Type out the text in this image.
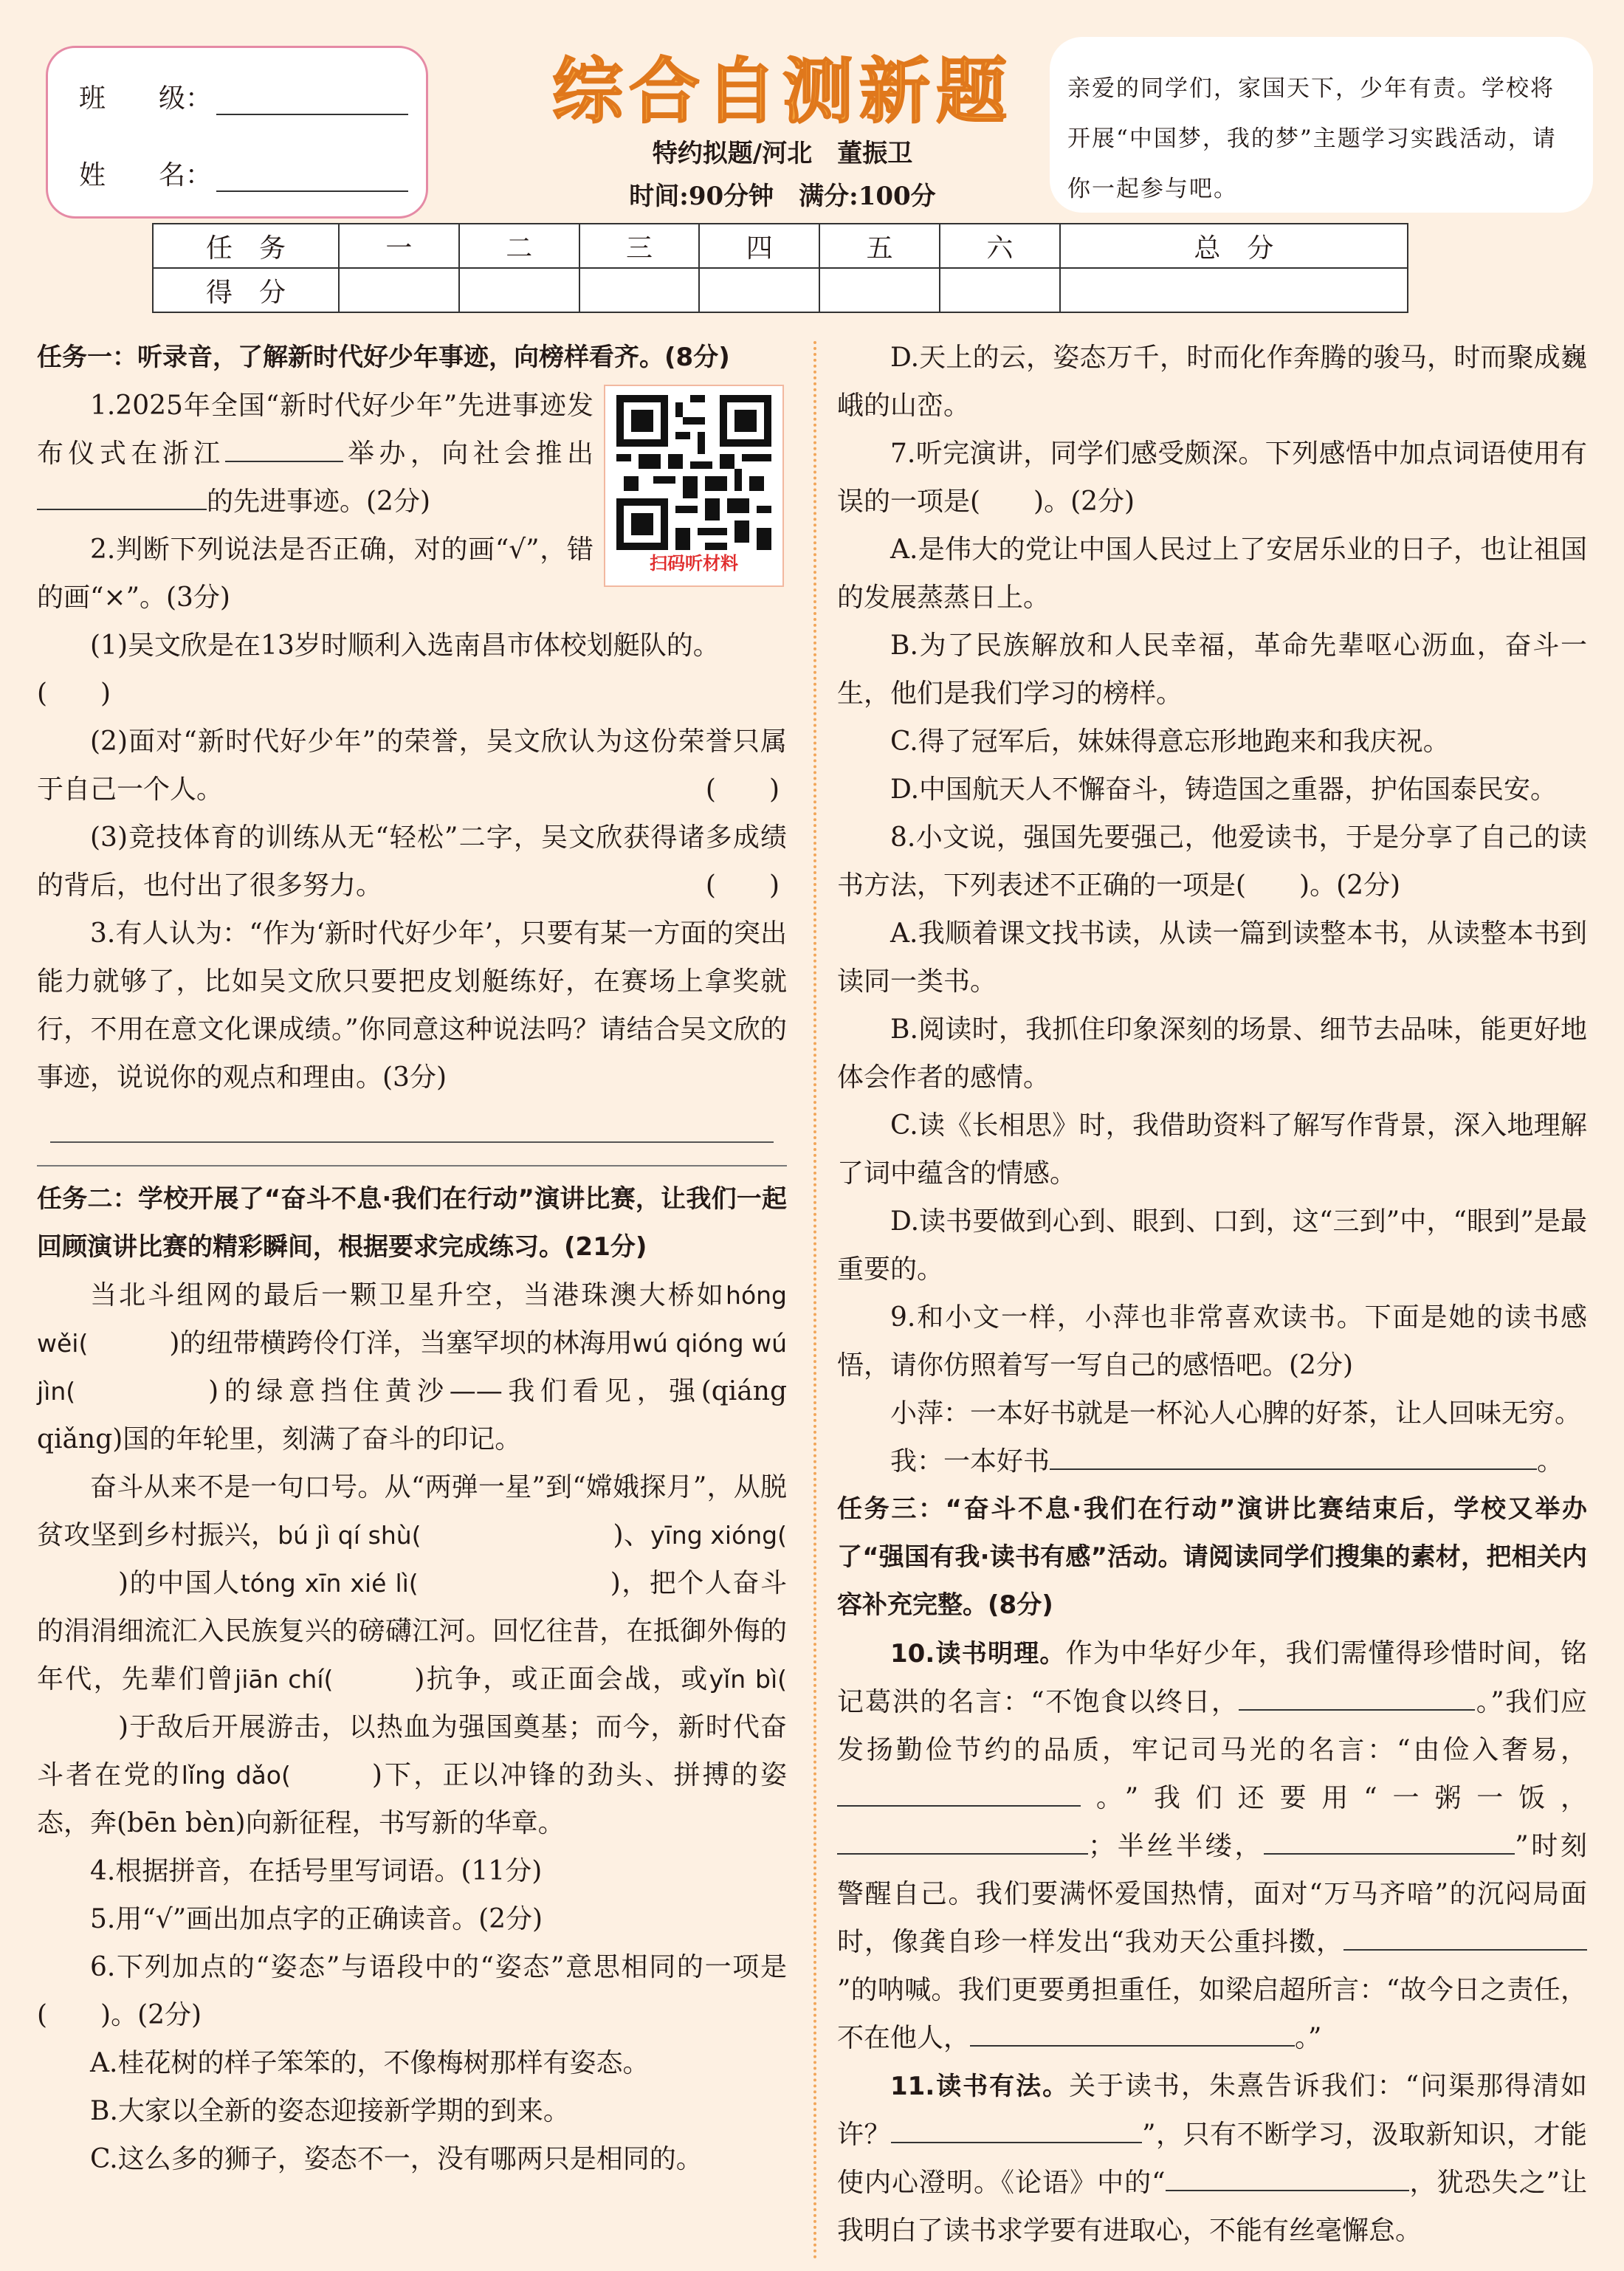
班　　级：
姓　　名：
综合自测新题
特约拟题/河北　董振卫
时间:90分钟　满分:100分
亲爱的同学们，家国天下，少年有责。学校将开展“中国梦，我的梦”主题学习实践活动，请你一起参与吧。
任　务	一	二	三	四	五	六	总　分
得　分							

任务一：听录音，了解新时代好少年事迹，向榜样看齐。(8分)

扫码听材料

1.2025年全国“新时代好少年”先进事迹发布仪式在浙江	举办，向社会推出的先进事迹。(2分)

2.判断下列说法是否正确，对的画“√”，错的画“×”。(3分)

(1)吴文欣是在13岁时顺利入选南昌市体校划艇队的。

(　　)

(2)面对“新时代好少年”的荣誉，吴文欣认为这份荣誉只属于自己一个人。	(　　)

(3)竞技体育的训练从无“轻松”二字，吴文欣获得诸多成绩的背后，也付出了很多努力。	(　　)

3.有人认为：“作为‘新时代好少年’，只要有某一方面的突出能力就够了，比如吴文欣只要把皮划艇练好，在赛场上拿奖就行，不用在意文化课成绩。”你同意这种说法吗？请结合吴文欣的事迹，说说你的观点和理由。(3分)

任务二：学校开展了“奋斗不息·我们在行动”演讲比赛，让我们一起回顾演讲比赛的精彩瞬间，根据要求完成练习。(21分)

当北斗组网的最后一颗卫星升空，当港珠澳大桥如hóng wěi(	)的纽带横跨伶仃洋，当塞罕坝的林海用wú qióng wú jìn(	)的绿意挡住黄沙——我们看见，强(qiáng qiǎng)国的年轮里，刻满了奋斗的印记。

奋斗从来不是一句口号。从“两弹一星”到“嫦娥探月”，从脱贫攻坚到乡村振兴，bú jì qí shù(	)、yīng xióng()的中国人tóng xīn xié lì(	)，把个人奋斗的涓涓细流汇入民族复兴的磅礴江河。回忆往昔，在抵御外侮的年代，先辈们曾jiān chí(	)抗争，或正面会战，或yǐn bì()于敌后开展游击，以热血为强国奠基；而今，新时代奋斗者在党的lǐng dǎo(	)下，正以冲锋的劲头、拼搏的姿态，奔(bēn bèn)向新征程，书写新的华章。

4.根据拼音，在括号里写词语。(11分)

5.用“√”画出加点字的正确读音。(2分)

6.下列加点的“姿态”与语段中的“姿态”意思相同的一项是(　　)。(2分)

A.桂花树的样子笨笨的，不像梅树那样有姿态。

B.大家以全新的姿态迎接新学期的到来。

C.这么多的狮子，姿态不一，没有哪两只是相同的。

D.天上的云，姿态万千，时而化作奔腾的骏马，时而聚成巍峨的山峦。

7.听完演讲，同学们感受颇深。下列感悟中加点词语使用有误的一项是(　　)。(2分)

A.是伟大的党让中国人民过上了安居乐业的日子，也让祖国的发展蒸蒸日上。

B.为了民族解放和人民幸福，革命先辈呕心沥血，奋斗一生，他们是我们学习的榜样。

C.得了冠军后，妹妹得意忘形地跑来和我庆祝。

D.中国航天人不懈奋斗，铸造国之重器，护佑国泰民安。

8.小文说，强国先要强己，他爱读书，于是分享了自己的读书方法，下列表述不正确的一项是(　　)。(2分)

A.我顺着课文找书读，从读一篇到读整本书，从读整本书到读同一类书。

B.阅读时，我抓住印象深刻的场景、细节去品味，能更好地体会作者的感情。

C.读《长相思》时，我借助资料了解写作背景，深入地理解了词中蕴含的情感。

D.读书要做到心到、眼到、口到，这“三到”中，“眼到”是最重要的。

9.和小文一样，小萍也非常喜欢读书。下面是她的读书感悟，请你仿照着写一写自己的感悟吧。(2分)

小萍：一本好书就是一杯沁人心脾的好茶，让人回味无穷。

我：一本好书	。

任务三：“奋斗不息·我们在行动”演讲比赛结束后，学校又举办了“强国有我·读书有感”活动。请阅读同学们搜集的素材，把相关内容补充完整。(8分)

10.读书明理。作为中华好少年，我们需懂得珍惜时间，铭记葛洪的名言：“不饱食以终日，	。”我们应发扬勤俭节约的品质，牢记司马光的名言：“由俭入奢易，。”我们还要用“一粥一饭，；半丝半缕，	”时刻警醒自己。我们要满怀爱国热情，面对“万马齐喑”的沉闷局面时，像龚自珍一样发出“我劝天公重抖擞，”的呐喊。我们更要勇担重任，如梁启超所言：“故今日之责任，不在他人，	。”

11.读书有法。关于读书，朱熹告诉我们：“问渠那得清如许？	”，只有不断学习，汲取新知识，才能使内心澄明。《论语》中的“	，犹恐失之”让我明白了读书求学要有进取心，不能有丝毫懈怠。
